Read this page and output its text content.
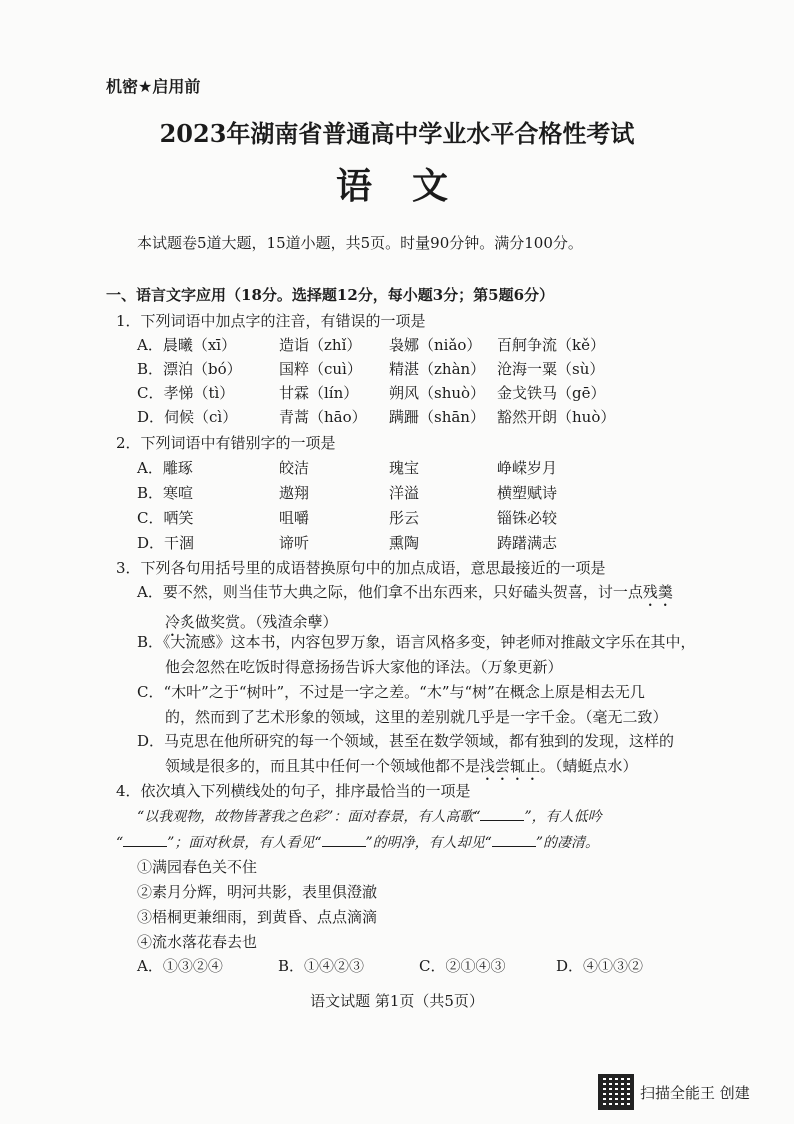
机密★启用前
2023年湖南省普通高中学业水平合格性考试
语文
本试题卷5道大题，15道小题，共5页。时量90分钟。满分100分。
一、语言文字应用（18分。选择题12分，每小题3分；第5题6分）
1．下列词语中加点字的注音，有错误的一项是
A．晨曦（xī）	造诣（zhǐ） 袅娜（niǎo） 百舸争流（kě）
B．漂泊（bó） 国粹（cuì） 精湛（zhàn） 沧海一粟（sù）
C．孝悌（tì）	甘霖（lín） 朔风（shuò） 金戈铁马（gē）
D．伺候（cì）	青蒿（hāo） 蹒跚（shān） 豁然开朗（huò）
2．下列词语中有错别字的一项是
A．雕琢	皎洁	瑰宝	峥嵘岁月
B．寒喧	遨翔	洋溢	横塑赋诗
C．哂笑	咀嚼	彤云	锱铢必较
D．干涸	谛听	熏陶	踌躇满志
3．下列各句用括号里的成语替换原句中的加点成语，意思最接近的一项是
A．要不然，则当佳节大典之际，他们拿不出东西来，只好磕头贺喜，讨一点残羹
冷炙做奖赏。（残渣余孽）
B．《大流感》这本书，内容包罗万象，语言风格多变，钟老师对推敲文字乐在其中，
他会忽然在吃饭时得意扬扬告诉大家他的译法。（万象更新）
C．“木叶”之于“树叶”，不过是一字之差。“木”与“树”在概念上原是相去无几
的，然而到了艺术形象的领域，这里的差别就几乎是一字千金。（毫无二致）
D．马克思在他所研究的每一个领域，甚至在数学领域，都有独到的发现，这样的
领域是很多的，而且其中任何一个领域他都不是浅尝辄止。（蜻蜓点水）
4．依次填入下列横线处的句子，排序最恰当的一项是
“以我观物，故物皆著我之色彩”：面对春景，有人高歌“	”，有人低吟
“	”；面对秋景，有人看见“	”的明净，有人却见“	”的凄清。
①满园春色关不住
②素月分辉，明河共影，表里俱澄澈
③梧桐更兼细雨，到黄昏、点点滴滴
④流水落花春去也
A．①③②④	B．①④②③	C．②①④③	D．④①③②
语文试题 第1页（共5页）
扫描全能王 创建
